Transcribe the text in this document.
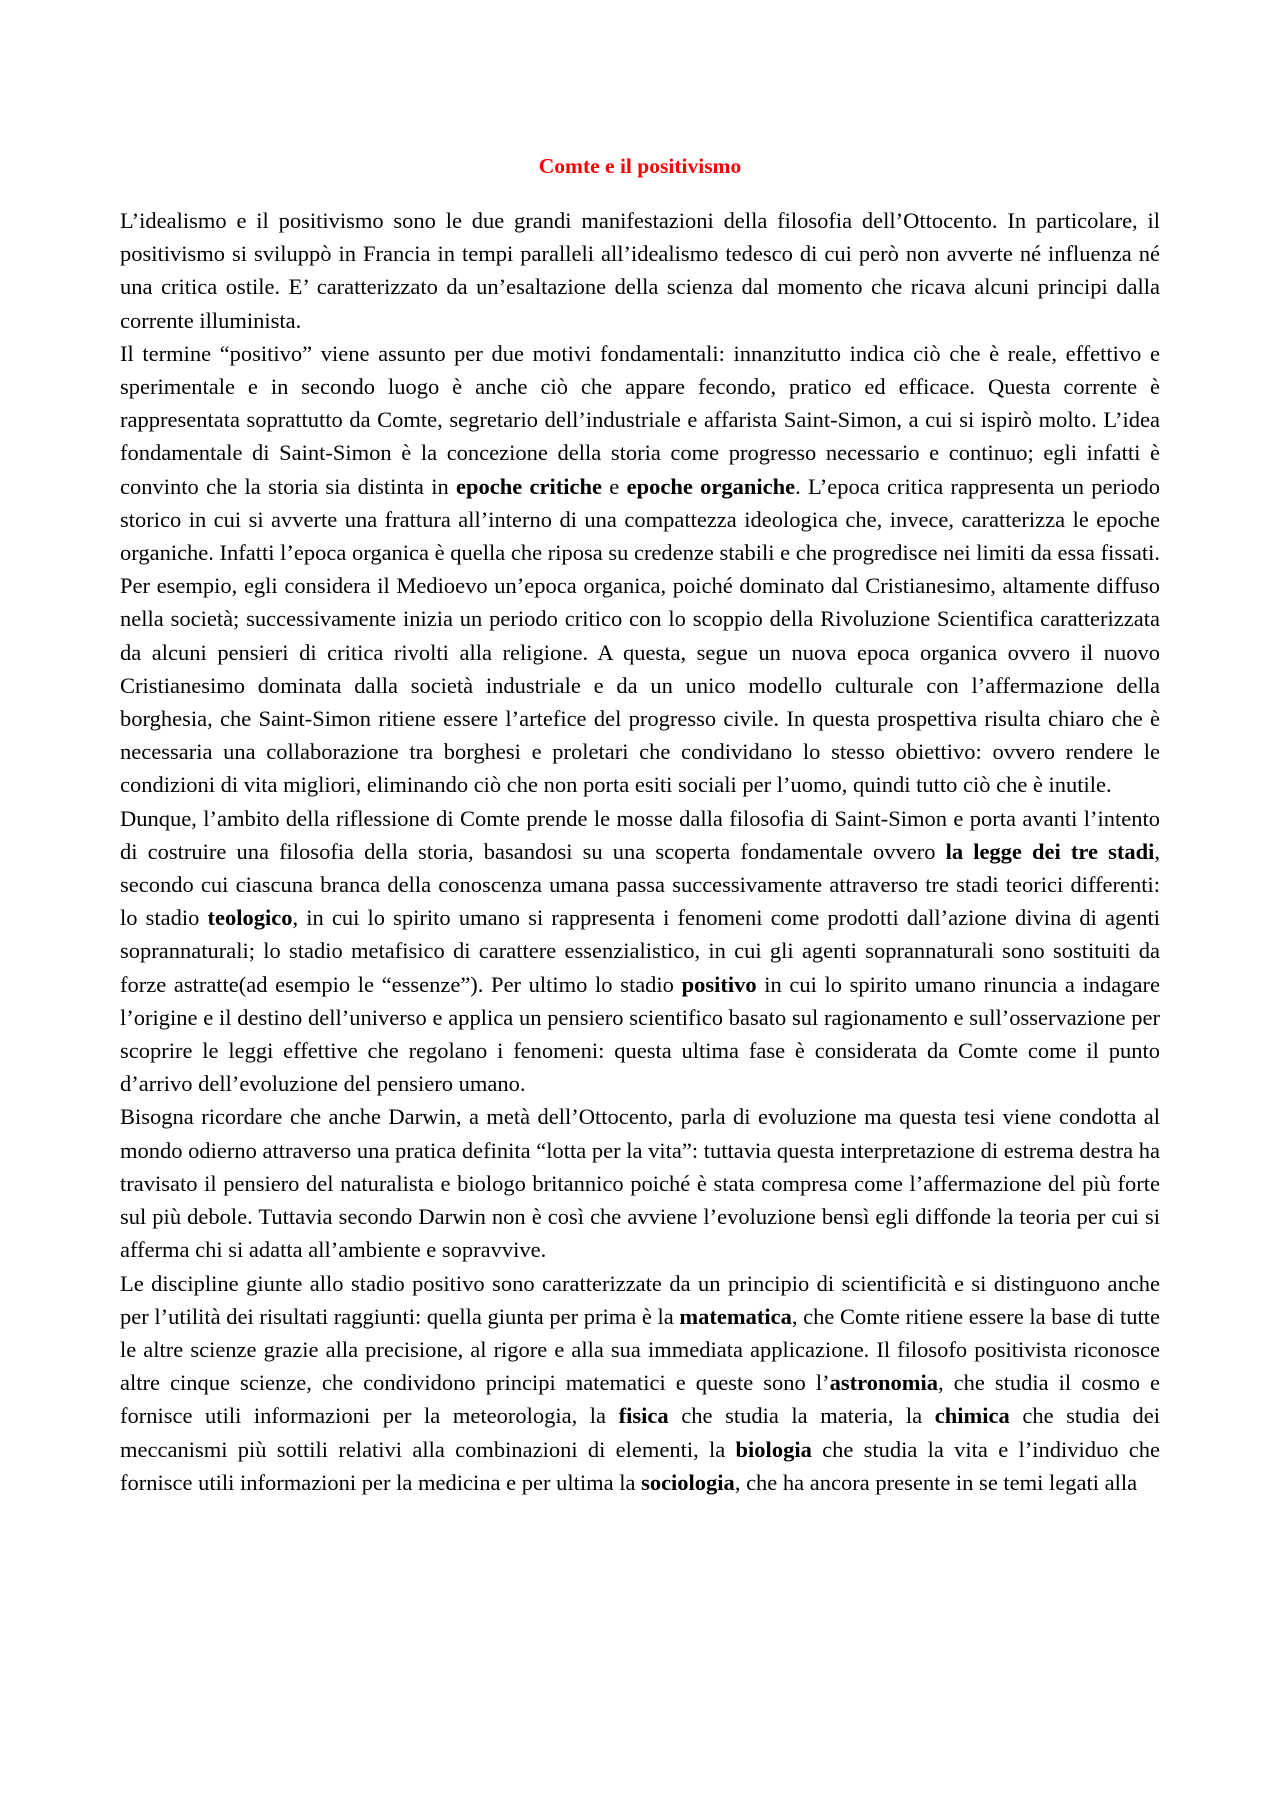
Comte e il positivismo

L’idealismo e il positivismo sono le due grandi manifestazioni della filosofia dell’Ottocento. In particolare, il positivismo si sviluppò in Francia in tempi paralleli all’idealismo tedesco di cui però non avverte né influenza né una critica ostile. E’ caratterizzato da un’esaltazione della scienza dal momento che ricava alcuni principi dalla corrente illuminista.

Il termine “positivo” viene assunto per due motivi fondamentali: innanzitutto indica ciò che è reale, effettivo e sperimentale e in secondo luogo è anche ciò che appare fecondo, pratico ed efficace. Questa corrente è rappresentata soprattutto da Comte, segretario dell’industriale e affarista Saint-Simon, a cui si ispirò molto. L’idea fondamentale di Saint-Simon è la concezione della storia come progresso necessario e continuo; egli infatti è convinto che la storia sia distinta in epoche critiche e epoche organiche. L’epoca critica rappresenta un periodo storico in cui si avverte una frattura all’interno di una compattezza ideologica che, invece, caratterizza le epoche organiche. Infatti l’epoca organica è quella che riposa su credenze stabili e che progredisce nei limiti da essa fissati. Per esempio, egli considera il Medioevo un’epoca organica, poiché dominato dal Cristianesimo, altamente diffuso nella società; successivamente inizia un periodo critico con lo scoppio della Rivoluzione Scientifica caratterizzata da alcuni pensieri di critica rivolti alla religione. A questa, segue un nuova epoca organica ovvero il nuovo Cristianesimo dominata dalla società industriale e da un unico modello culturale con l’affermazione della borghesia, che Saint-Simon ritiene essere l’artefice del progresso civile. In questa prospettiva risulta chiaro che è necessaria una collaborazione tra borghesi e proletari che condividano lo stesso obiettivo: ovvero rendere le condizioni di vita migliori, eliminando ciò che non porta esiti sociali per l’uomo, quindi tutto ciò che è inutile.

Dunque, l’ambito della riflessione di Comte prende le mosse dalla filosofia di Saint-Simon e porta avanti l’intento di costruire una filosofia della storia, basandosi su una scoperta fondamentale ovvero la legge dei tre stadi, secondo cui ciascuna branca della conoscenza umana passa successivamente attraverso tre stadi teorici differenti: lo stadio teologico, in cui lo spirito umano si rappresenta i fenomeni come prodotti dall’azione divina di agenti soprannaturali; lo stadio metafisico di carattere essenzialistico, in cui gli agenti soprannaturali sono sostituiti da forze astratte(ad esempio le “essenze”). Per ultimo lo stadio positivo in cui lo spirito umano rinuncia a indagare l’origine e il destino dell’universo e applica un pensiero scientifico basato sul ragionamento e sull’osservazione per scoprire le leggi effettive che regolano i fenomeni: questa ultima fase è considerata da Comte come il punto d’arrivo dell’evoluzione del pensiero umano.

Bisogna ricordare che anche Darwin, a metà dell’Ottocento, parla di evoluzione ma questa tesi viene condotta al mondo odierno attraverso una pratica definita “lotta per la vita”: tuttavia questa interpretazione di estrema destra ha travisato il pensiero del naturalista e biologo britannico poiché è stata compresa come l’affermazione del più forte sul più debole. Tuttavia secondo Darwin non è così che avviene l’evoluzione bensì egli diffonde la teoria per cui si afferma chi si adatta all’ambiente e sopravvive.

Le discipline giunte allo stadio positivo sono caratterizzate da un principio di scientificità e si distinguono anche per l’utilità dei risultati raggiunti: quella giunta per prima è la matematica, che Comte ritiene essere la base di tutte le altre scienze grazie alla precisione, al rigore e alla sua immediata applicazione. Il filosofo positivista riconosce altre cinque scienze, che condividono principi matematici e queste sono l’astronomia, che studia il cosmo e fornisce utili informazioni per la meteorologia, la fisica che studia la materia, la chimica che studia dei meccanismi più sottili relativi alla combinazioni di elementi, la biologia che studia la vita e l’individuo che fornisce utili informazioni per la medicina e per ultima la sociologia, che ha ancora presente in se temi legati alla
